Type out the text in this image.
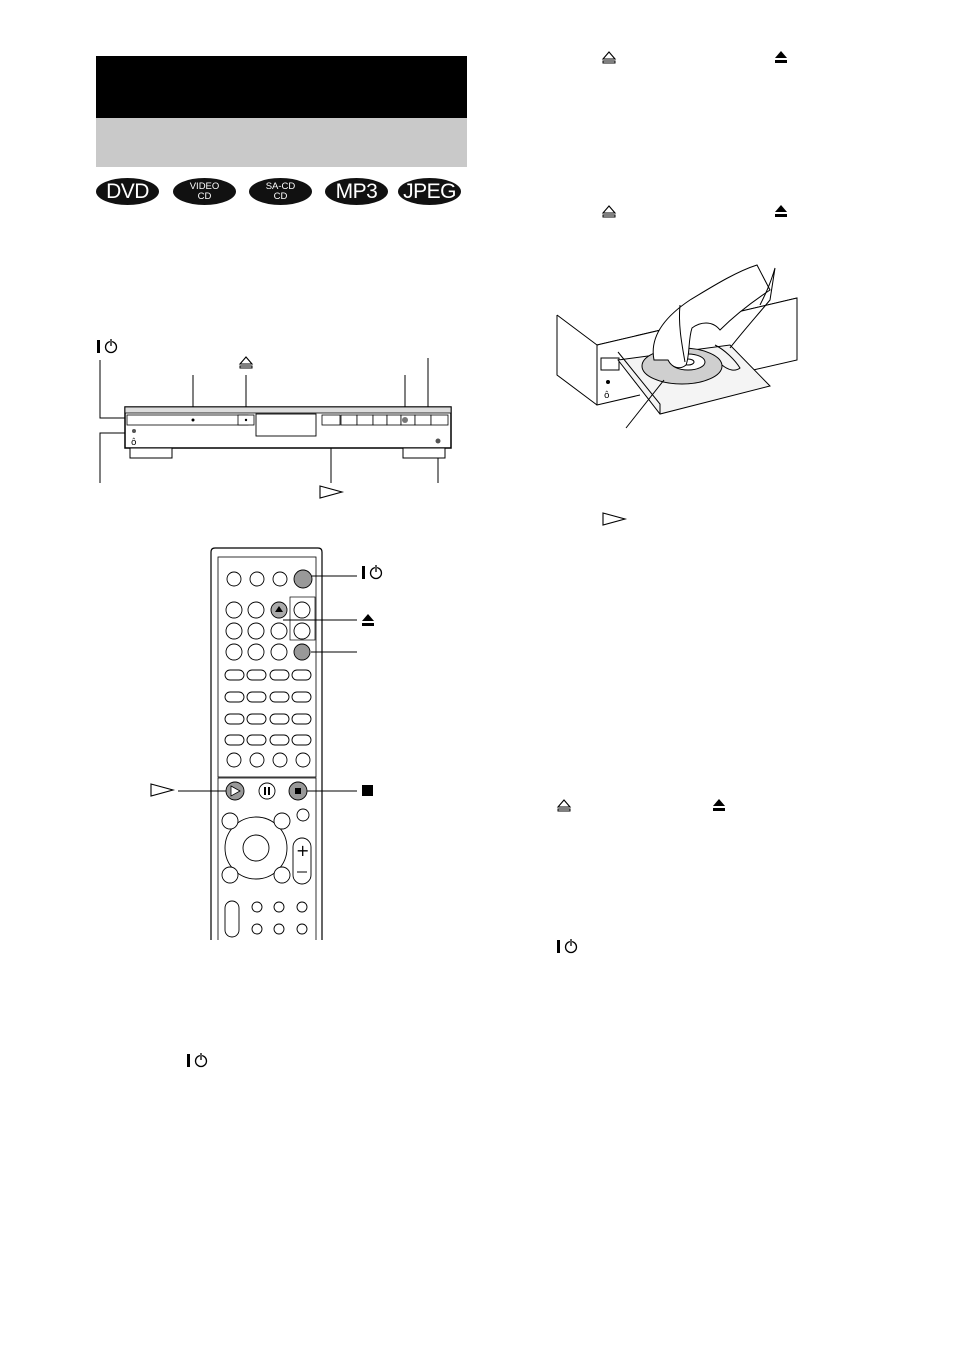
DVD	VIDEO
CD
SA-CD
CD MP3 JPEG
ô
+
ô
